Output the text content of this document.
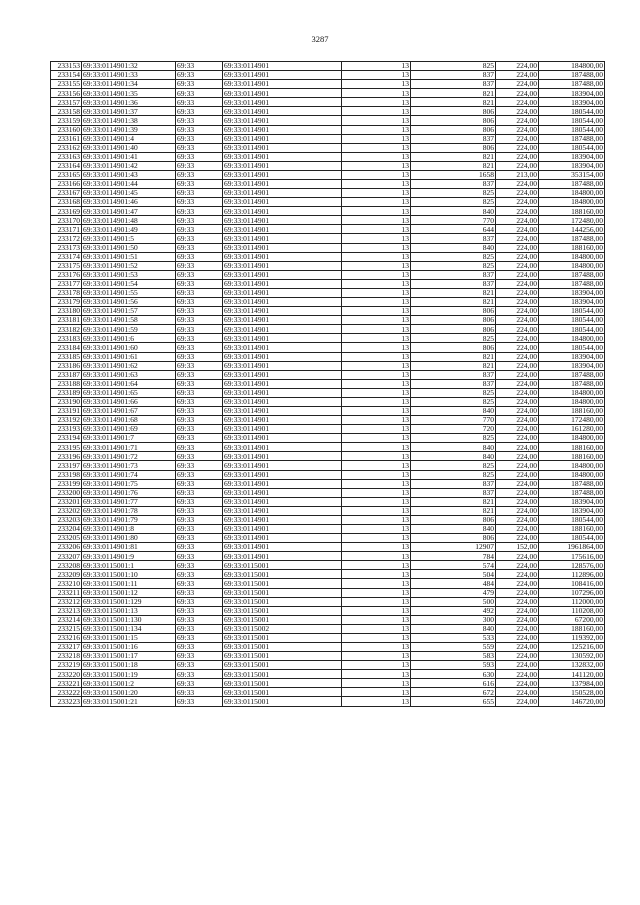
3287
233153	69:33:0114901:32	69:33	69:33:0114901	13	825	224,00	184800,00
233154	69:33:0114901:33	69:33	69:33:0114901	13	837	224,00	187488,00
233155	69:33:0114901:34	69:33	69:33:0114901	13	837	224,00	187488,00
233156	69:33:0114901:35	69:33	69:33:0114901	13	821	224,00	183904,00
233157	69:33:0114901:36	69:33	69:33:0114901	13	821	224,00	183904,00
233158	69:33:0114901:37	69:33	69:33:0114901	13	806	224,00	180544,00
233159	69:33:0114901:38	69:33	69:33:0114901	13	806	224,00	180544,00
233160	69:33:0114901:39	69:33	69:33:0114901	13	806	224,00	180544,00
233161	69:33:0114901:4	69:33	69:33:0114901	13	837	224,00	187488,00
233162	69:33:0114901:40	69:33	69:33:0114901	13	806	224,00	180544,00
233163	69:33:0114901:41	69:33	69:33:0114901	13	821	224,00	183904,00
233164	69:33:0114901:42	69:33	69:33:0114901	13	821	224,00	183904,00
233165	69:33:0114901:43	69:33	69:33:0114901	13	1658	213,00	353154,00
233166	69:33:0114901:44	69:33	69:33:0114901	13	837	224,00	187488,00
233167	69:33:0114901:45	69:33	69:33:0114901	13	825	224,00	184800,00
233168	69:33:0114901:46	69:33	69:33:0114901	13	825	224,00	184800,00
233169	69:33:0114901:47	69:33	69:33:0114901	13	840	224,00	188160,00
233170	69:33:0114901:48	69:33	69:33:0114901	13	770	224,00	172480,00
233171	69:33:0114901:49	69:33	69:33:0114901	13	644	224,00	144256,00
233172	69:33:0114901:5	69:33	69:33:0114901	13	837	224,00	187488,00
233173	69:33:0114901:50	69:33	69:33:0114901	13	840	224,00	188160,00
233174	69:33:0114901:51	69:33	69:33:0114901	13	825	224,00	184800,00
233175	69:33:0114901:52	69:33	69:33:0114901	13	825	224,00	184800,00
233176	69:33:0114901:53	69:33	69:33:0114901	13	837	224,00	187488,00
233177	69:33:0114901:54	69:33	69:33:0114901	13	837	224,00	187488,00
233178	69:33:0114901:55	69:33	69:33:0114901	13	821	224,00	183904,00
233179	69:33:0114901:56	69:33	69:33:0114901	13	821	224,00	183904,00
233180	69:33:0114901:57	69:33	69:33:0114901	13	806	224,00	180544,00
233181	69:33:0114901:58	69:33	69:33:0114901	13	806	224,00	180544,00
233182	69:33:0114901:59	69:33	69:33:0114901	13	806	224,00	180544,00
233183	69:33:0114901:6	69:33	69:33:0114901	13	825	224,00	184800,00
233184	69:33:0114901:60	69:33	69:33:0114901	13	806	224,00	180544,00
233185	69:33:0114901:61	69:33	69:33:0114901	13	821	224,00	183904,00
233186	69:33:0114901:62	69:33	69:33:0114901	13	821	224,00	183904,00
233187	69:33:0114901:63	69:33	69:33:0114901	13	837	224,00	187488,00
233188	69:33:0114901:64	69:33	69:33:0114901	13	837	224,00	187488,00
233189	69:33:0114901:65	69:33	69:33:0114901	13	825	224,00	184800,00
233190	69:33:0114901:66	69:33	69:33:0114901	13	825	224,00	184800,00
233191	69:33:0114901:67	69:33	69:33:0114901	13	840	224,00	188160,00
233192	69:33:0114901:68	69:33	69:33:0114901	13	770	224,00	172480,00
233193	69:33:0114901:69	69:33	69:33:0114901	13	720	224,00	161280,00
233194	69:33:0114901:7	69:33	69:33:0114901	13	825	224,00	184800,00
233195	69:33:0114901:71	69:33	69:33:0114901	13	840	224,00	188160,00
233196	69:33:0114901:72	69:33	69:33:0114901	13	840	224,00	188160,00
233197	69:33:0114901:73	69:33	69:33:0114901	13	825	224,00	184800,00
233198	69:33:0114901:74	69:33	69:33:0114901	13	825	224,00	184800,00
233199	69:33:0114901:75	69:33	69:33:0114901	13	837	224,00	187488,00
233200	69:33:0114901:76	69:33	69:33:0114901	13	837	224,00	187488,00
233201	69:33:0114901:77	69:33	69:33:0114901	13	821	224,00	183904,00
233202	69:33:0114901:78	69:33	69:33:0114901	13	821	224,00	183904,00
233203	69:33:0114901:79	69:33	69:33:0114901	13	806	224,00	180544,00
233204	69:33:0114901:8	69:33	69:33:0114901	13	840	224,00	188160,00
233205	69:33:0114901:80	69:33	69:33:0114901	13	806	224,00	180544,00
233206	69:33:0114901:81	69:33	69:33:0114901	13	12907	152,00	1961864,00
233207	69:33:0114901:9	69:33	69:33:0114901	13	784	224,00	175616,00
233208	69:33:0115001:1	69:33	69:33:0115001	13	574	224,00	128576,00
233209	69:33:0115001:10	69:33	69:33:0115001	13	504	224,00	112896,00
233210	69:33:0115001:11	69:33	69:33:0115001	13	484	224,00	108416,00
233211	69:33:0115001:12	69:33	69:33:0115001	13	479	224,00	107296,00
233212	69:33:0115001:129	69:33	69:33:0115001	13	500	224,00	112000,00
233213	69:33:0115001:13	69:33	69:33:0115001	13	492	224,00	110208,00
233214	69:33:0115001:130	69:33	69:33:0115001	13	300	224,00	67200,00
233215	69:33:0115001:134	69:33	69:33:0115002	13	840	224,00	188160,00
233216	69:33:0115001:15	69:33	69:33:0115001	13	533	224,00	119392,00
233217	69:33:0115001:16	69:33	69:33:0115001	13	559	224,00	125216,00
233218	69:33:0115001:17	69:33	69:33:0115001	13	583	224,00	130592,00
233219	69:33:0115001:18	69:33	69:33:0115001	13	593	224,00	132832,00
233220	69:33:0115001:19	69:33	69:33:0115001	13	630	224,00	141120,00
233221	69:33:0115001:2	69:33	69:33:0115001	13	616	224,00	137984,00
233222	69:33:0115001:20	69:33	69:33:0115001	13	672	224,00	150528,00
233223	69:33:0115001:21	69:33	69:33:0115001	13	655	224,00	146720,00
